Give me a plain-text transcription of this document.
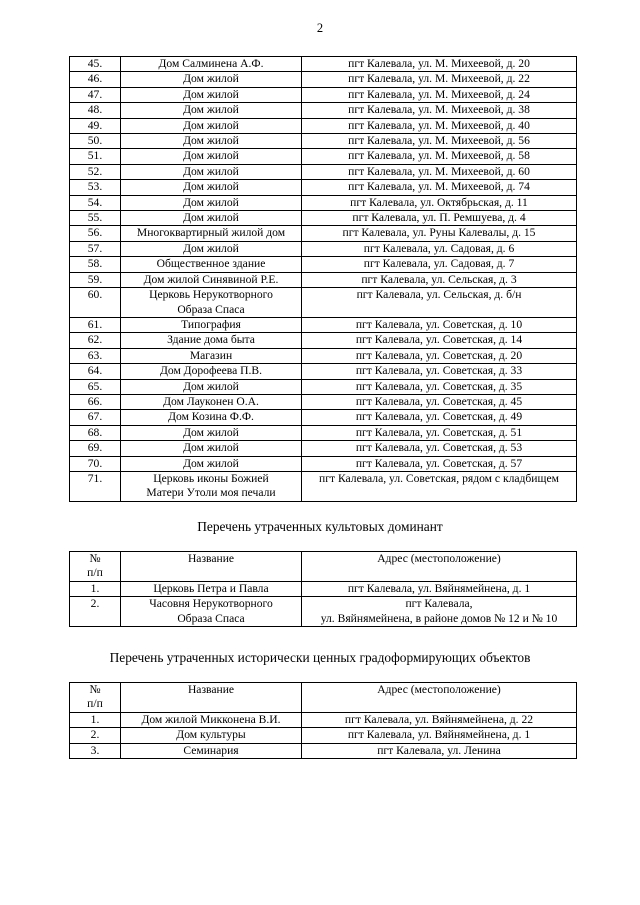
2
45.	Дом Салминена А.Ф.	пгт Калевала, ул. М. Михеевой, д. 20
46.	Дом жилой	пгт Калевала, ул. М. Михеевой, д. 22
47.	Дом жилой	пгт Калевала, ул. М. Михеевой, д. 24
48.	Дом жилой	пгт Калевала, ул. М. Михеевой, д. 38
49.	Дом жилой	пгт Калевала, ул. М. Михеевой, д. 40
50.	Дом жилой	пгт Калевала, ул. М. Михеевой, д. 56
51.	Дом жилой	пгт Калевала, ул. М. Михеевой, д. 58
52.	Дом жилой	пгт Калевала, ул. М. Михеевой, д. 60
53.	Дом жилой	пгт Калевала, ул. М. Михеевой, д. 74
54.	Дом жилой	пгт Калевала, ул. Октябрьская, д. 11
55.	Дом жилой	пгт Калевала, ул. П. Ремшуева, д. 4
56.	Многоквартирный жилой дом	пгт Калевала, ул. Руны Калевалы, д. 15
57.	Дом жилой	пгт Калевала, ул. Садовая, д. 6
58.	Общественное здание	пгт Калевала, ул. Садовая, д. 7
59.	Дом жилой Синявиной Р.Е.	пгт Калевала, ул. Сельская, д. 3
60.	Церковь Нерукотворного
Образа Спаса	пгт Калевала, ул. Сельская, д. б/н
61.	Типография	пгт Калевала, ул. Советская, д. 10
62.	Здание дома быта	пгт Калевала, ул. Советская, д. 14
63.	Магазин	пгт Калевала, ул. Советская, д. 20
64.	Дом Дорофеева П.В.	пгт Калевала, ул. Советская, д. 33
65.	Дом жилой	пгт Калевала, ул. Советская, д. 35
66.	Дом Лауконен О.А.	пгт Калевала, ул. Советская, д. 45
67.	Дом Козина Ф.Ф.	пгт Калевала, ул. Советская, д. 49
68.	Дом жилой	пгт Калевала, ул. Советская, д. 51
69.	Дом жилой	пгт Калевала, ул. Советская, д. 53
70.	Дом жилой	пгт Калевала, ул. Советская, д. 57
71.	Церковь иконы Божией
Матери Утоли моя печали	пгт Калевала, ул. Советская, рядом с кладбищем
Перечень утраченных культовых доминант
№
п/п	Название	Адрес (местоположение)
1.	Церковь Петра и Павла	пгт Калевала, ул. Вяйнямейнена, д. 1
2.	Часовня Нерукотворного
Образа Спаса	пгт Калевала,
ул. Вяйнямейнена, в районе домов № 12 и № 10
Перечень утраченных исторически ценных градоформирующих объектов
№
п/п	Название	Адрес (местоположение)
1.	Дом жилой Микконена В.И.	пгт Калевала, ул. Вяйнямейнена, д. 22
2.	Дом культуры	пгт Калевала, ул. Вяйнямейнена, д. 1
3.	Семинария	пгт Калевала, ул. Ленина
